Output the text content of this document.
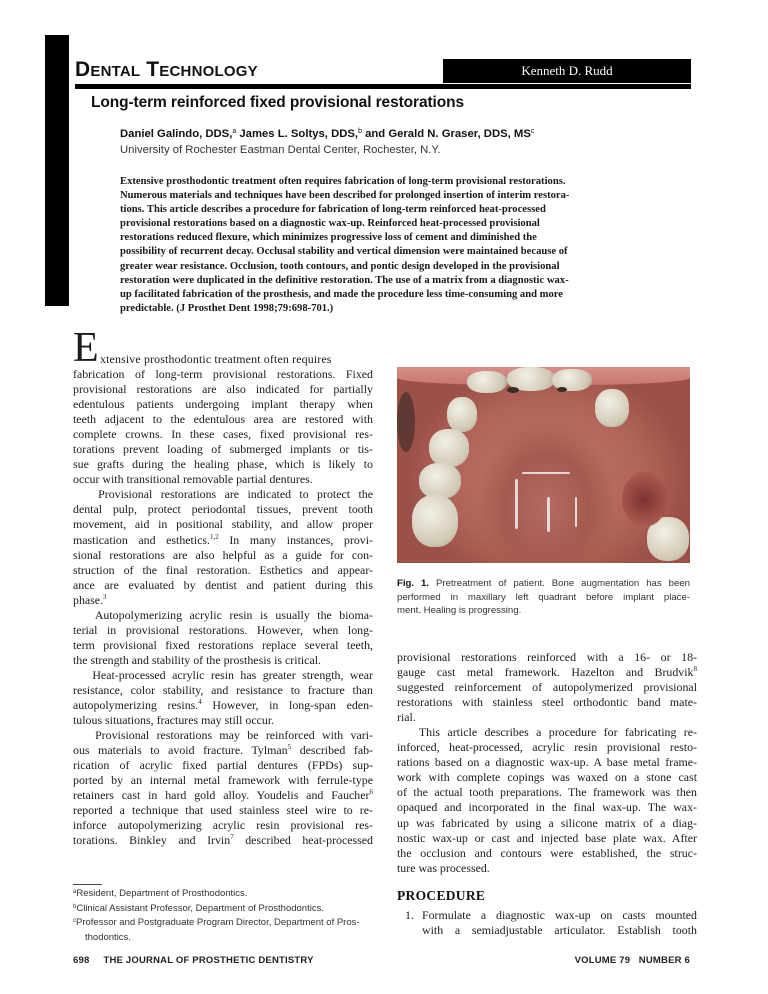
Dental Technology	Kenneth D. Rudd
Long-term reinforced fixed provisional restorations
Daniel Galindo, DDS,$^a$ James L. Soltys, DDS,$^b$ and Gerald N. Graser, DDS, $MS^c$
University of Rochester Eastman Dental Center, Rochester, N.Y.
Extensive prosthodontic treatment often requires fabrication of long-term provisional restorations.
Numerous materials and techniques have been described for prolonged insertion of interim restora-
tions. This article describes a procedure for fabrication of long-term reinforced heat-processed
provisional restorations based on a diagnostic wax-up. Reinforced heat-processed provisional
restorations reduced flexure, which minimizes progressive loss of cement and diminished the
possibility of recurrent decay. Occlusal stability and vertical dimension were maintained because of
greater wear resistance. Occlusion, tooth contours, and pontic design developed in the provisional
restoration were duplicated in the definitive restoration. The use of a matrix from a diagnostic wax-
up facilitated fabrication of the prosthesis, and made the procedure less time-consuming and more
predictable. (J Prosthet Dent 1998;79:698-701.)
E xtensive prosthodontic treatment often requires
fabrication of long-term provisional restorations. Fixed
provisional restorations are also indicated for partially
edentulous patients undergoing implant therapy when
teeth adjacent to the edentulous area are restored with
complete crowns. In these cases, fixed provisional res-
torations prevent loading of submerged implants or tis-
sue grafts during the healing phase, which is likely to
occur with transitional removable partial dentures.
Provisional restorations are indicated to protect the
dental pulp, protect periodontal tissues, prevent tooth
movement, aid in positional stability, and allow proper
mastication and esthetics.$^{1,2}$ In many instances, provi-
sional restorations are also helpful as a guide for con-
struction of the final restoration. Esthetics and appear-
ance are evaluated by dentist and patient during this
phase.$^3$
Autopolymerizing acrylic resin is usually the bioma-
terial in provisional restorations. However, when long-
term provisional fixed restorations replace several teeth,
the strength and stability of the prosthesis is critical.
Heat-processed acrylic resin has greater strength, wear
resistance, color stability, and resistance to fracture than
autopolymerizing resins.$^4$ However, in long-span eden-
tulous situations, fractures may still occur.
Provisional restorations may be reinforced with vari-
ous materials to avoid fracture. Tylman$^5$ described fab-
rication of acrylic fixed partial dentures (FPDs) sup-
ported by an internal metal framework with ferrule-type
retainers cast in hard gold alloy. Youdelis and Faucher$^6$
reported a technique that used stainless steel wire to re-
inforce autopolymerizing acrylic resin provisional res-
torations. Binkley and Irvin$^7$ described heat-processed
Fig. 1. Pretreatment of patient. Bone augmentation has been
performed in maxillary left quadrant before implant place-
ment. Healing is progressing.
provisional restorations reinforced with a 16- or 18-
gauge cast metal framework. Hazelton and Brudvik$^8$
suggested reinforcement of autopolymerized provisional
restorations with stainless steel orthodontic band mate-
rial.
This article describes a procedure for fabricating re-
inforced, heat-processed, acrylic resin provisional resto-
rations based on a diagnostic wax-up. A base metal frame-
work with complete copings was waxed on a stone cast
of the actual tooth preparations. The framework was then
opaqued and incorporated in the final wax-up. The wax-
up was fabricated by using a silicone matrix of a diag-
nostic wax-up or cast and injected base plate wax. After
the occlusion and contours were established, the struc-
ture was processed.
PROCEDURE
1. Formulate a diagnostic wax-up on casts mounted
with a semiadjustable articulator. Establish tooth
$^a$Resident, Department of Prosthodontics.
$^b$Clinical Assistant Professor, Department of Prosthodontics.
$^c$Professor and Postgraduate Program Director, Department of Pros-
thodontics.
698 THE JOURNAL OF PROSTHETIC DENTISTRY	VOLUME 79   NUMBER 6
